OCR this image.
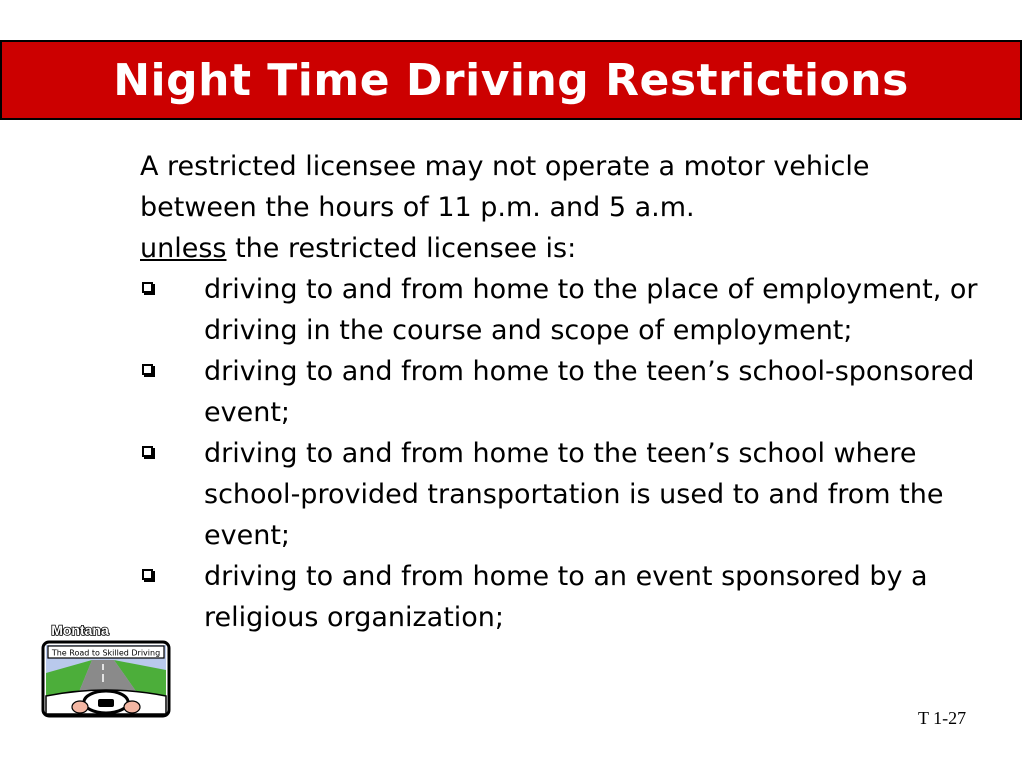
Night Time Driving Restrictions

A restricted licensee may not operate a motor vehicle between the hours of 11 p.m. and 5 a.m.
unless the restricted licensee is:

driving to and from home to the place of employment, or driving in the course and scope of employment;
driving to and from home to the teen’s school-sponsored event;
driving to and from home to the teen’s school where school-provided transportation is used to and from the event;
driving to and from home to an event sponsored by a religious organization;
Montana
The Road to Skilled Driving
T 1-27
